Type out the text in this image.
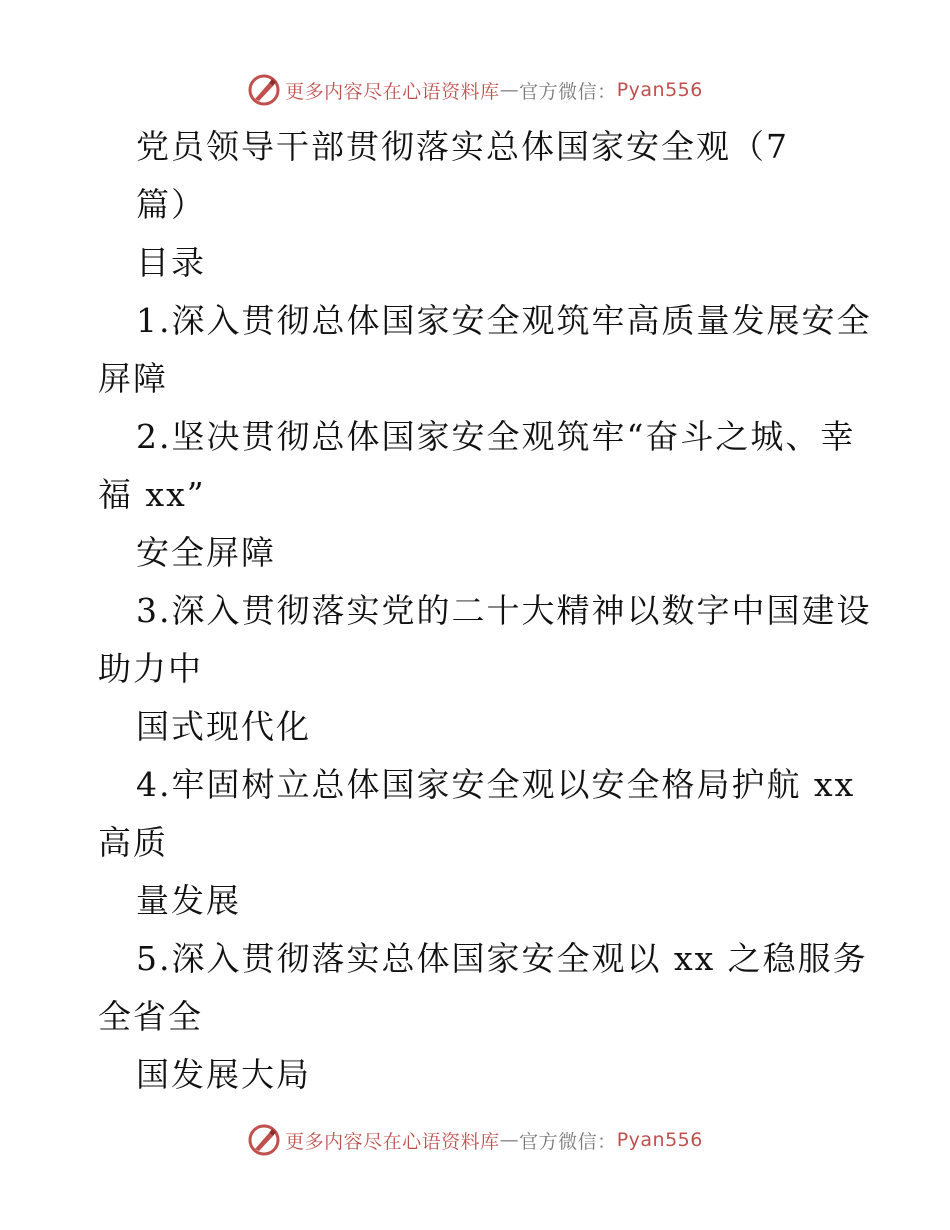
更多内容尽在心语资料库 — 官方微信： Pyan556
党员领导干部贯彻落实总体国家安全观（7
篇）
目录
1.深入贯彻总体国家安全观筑牢高质量发展安全
屏障
2.坚决贯彻总体国家安全观筑牢“奋斗之城、幸
福 xx”
安全屏障
3.深入贯彻落实党的二十大精神以数字中国建设
助力中
国式现代化
4.牢固树立总体国家安全观以安全格局护航 xx
高质
量发展
5.深入贯彻落实总体国家安全观以 xx 之稳服务
全省全
国发展大局
更多内容尽在心语资料库 — 官方微信： Pyan556
